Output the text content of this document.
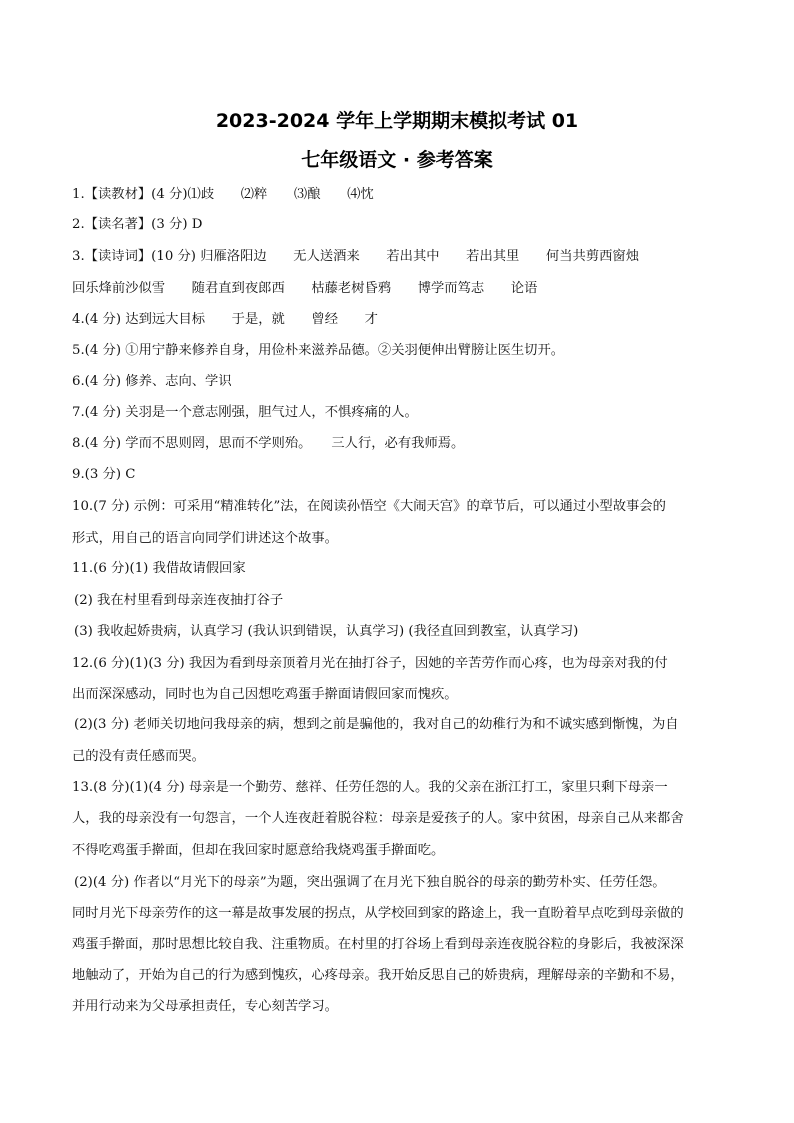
2023-2024 学年上学期期末模拟考试 01
七年级语文 · 参考答案
1.【读教材】(4 分)⑴歧　　⑵粹　　⑶酿　　⑷忱
2.【读名著】(3 分) D
3.【读诗词】(10 分) 归雁洛阳边　　无人送酒来　　若出其中　　若出其里　　何当共剪西窗烛
回乐烽前沙似雪　　随君直到夜郎西　　枯藤老树昏鸦　　博学而笃志　　论语
4.(4 分) 达到远大目标　　于是，就　　曾经　　才
5.(4 分) ①用宁静来修养自身，用俭朴来滋养品德。②关羽便伸出臂膀让医生切开。
6.(4 分) 修养、志向、学识
7.(4 分) 关羽是一个意志刚强，胆气过人，不惧疼痛的人。
8.(4 分) 学而不思则罔，思而不学则殆。　　三人行，必有我师焉。
9.(3 分) C
10.(7 分) 示例：可采用“精准转化”法，在阅读孙悟空《大闹天宫》的章节后，可以通过小型故事会的
形式，用自己的语言向同学们讲述这个故事。
11.(6 分)(1) 我借故请假回家
(2) 我在村里看到母亲连夜抽打谷子
(3) 我收起娇贵病，认真学习 (我认识到错误，认真学习) (我径直回到教室，认真学习)
12.(6 分)(1)(3 分) 我因为看到母亲顶着月光在抽打谷子，因她的辛苦劳作而心疼，也为母亲对我的付
出而深深感动，同时也为自己因想吃鸡蛋手擀面请假回家而愧疚。
(2)(3 分) 老师关切地问我母亲的病，想到之前是骗他的，我对自己的幼稚行为和不诚实感到惭愧，为自
己的没有责任感而哭。
13.(8 分)(1)(4 分) 母亲是一个勤劳、慈祥、任劳任怨的人。我的父亲在浙江打工，家里只剩下母亲一
人，我的母亲没有一句怨言，一个人连夜赶着脱谷粒：母亲是爱孩子的人。家中贫困，母亲自己从来都舍
不得吃鸡蛋手擀面，但却在我回家时愿意给我烧鸡蛋手擀面吃。
(2)(4 分) 作者以“月光下的母亲”为题，突出强调了在月光下独自脱谷的母亲的勤劳朴实、任劳任怨。
同时月光下母亲劳作的这一幕是故事发展的拐点，从学校回到家的路途上，我一直盼着早点吃到母亲做的
鸡蛋手擀面，那时思想比较自我、注重物质。在村里的打谷场上看到母亲连夜脱谷粒的身影后，我被深深
地触动了，开始为自己的行为感到愧疚，心疼母亲。我开始反思自己的娇贵病，理解母亲的辛勤和不易，
并用行动来为父母承担责任，专心刻苦学习。
